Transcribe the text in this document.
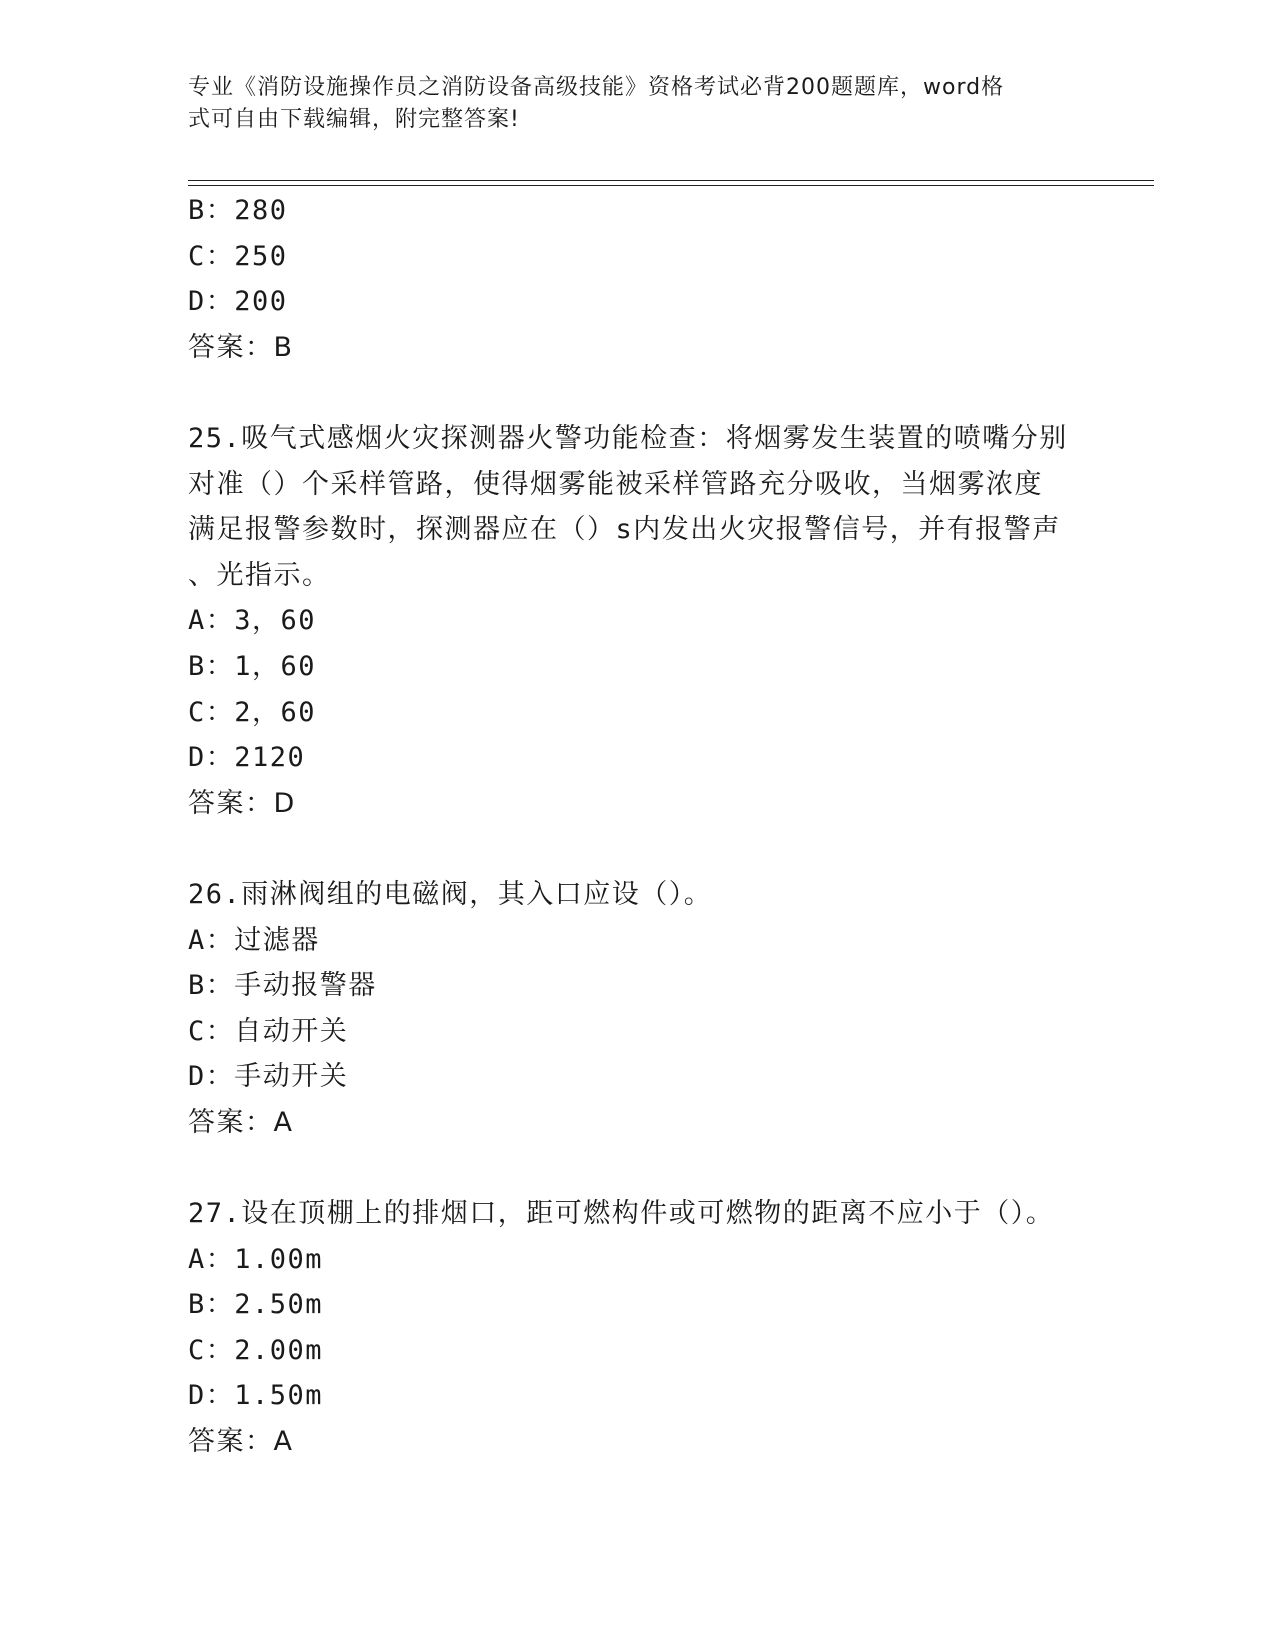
专业《消防设施操作员之消防设备高级技能》资格考试必背200题题库，word格
式可自由下载编辑，附完整答案!
B：280
C：250
D：200
答案：B
25.吸气式感烟火灾探测器火警功能检查：将烟雾发生装置的喷嘴分别
对准（）个采样管路，使得烟雾能被采样管路充分吸收，当烟雾浓度
满足报警参数时，探测器应在（）s内发出火灾报警信号，并有报警声
、光指示。
A：3，60
B：1，60
C：2，60
D：2120
答案：D
26.雨淋阀组的电磁阀，其入口应设（）。
A：过滤器
B：手动报警器
C：自动开关
D：手动开关
答案：A
27.设在顶棚上的排烟口，距可燃构件或可燃物的距离不应小于（）。
A：1.00m
B：2.50m
C：2.00m
D：1.50m
答案：A
